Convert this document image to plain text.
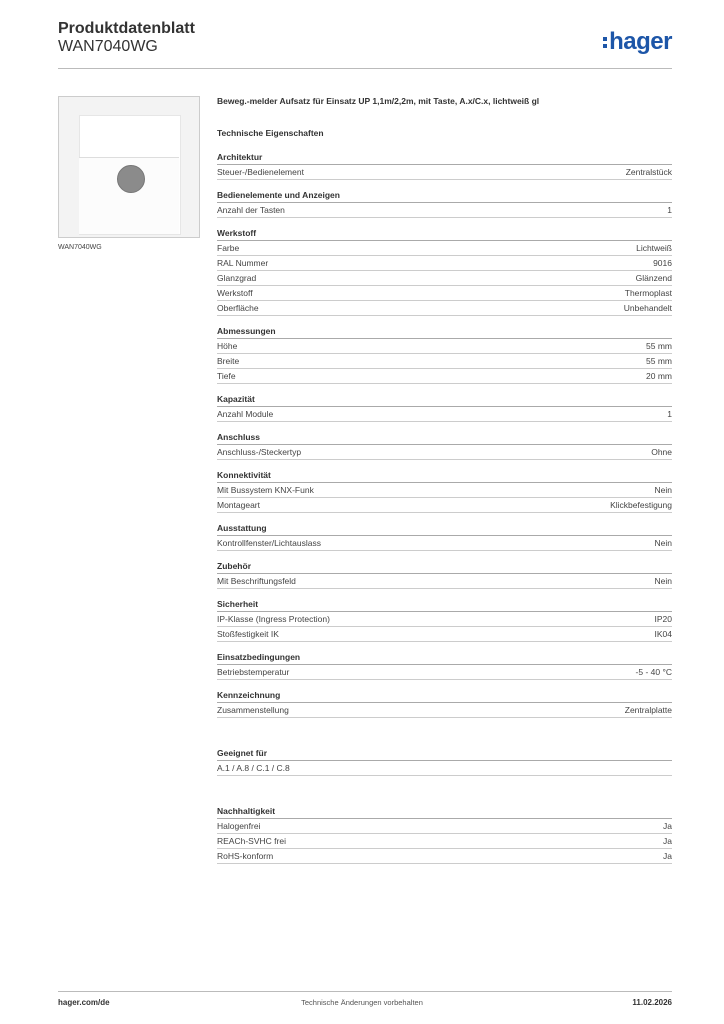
Produktdatenblatt
WAN7040WG	hager
WAN7040WG
Beweg.-melder Aufsatz für Einsatz UP 1,1m/2,2m, mit Taste, A.x/C.x, lichtweiß gl
Technische Eigenschaften
Architektur
Steuer-/Bedienelement	Zentralstück
Bedienelemente und Anzeigen
Anzahl der Tasten	1
Werkstoff
Farbe	Lichtweiß
RAL Nummer	9016
Glanzgrad	Glänzend
Werkstoff	Thermoplast
Oberfläche	Unbehandelt
Abmessungen
Höhe	55 mm
Breite	55 mm
Tiefe	20 mm
Kapazität
Anzahl Module	1
Anschluss
Anschluss-/Steckertyp	Ohne
Konnektivität
Mit Bussystem KNX-Funk	Nein
Montageart	Klickbefestigung
Ausstattung
Kontrollfenster/Lichtauslass	Nein
Zubehör
Mit Beschriftungsfeld	Nein
Sicherheit
IP-Klasse (Ingress Protection)	IP20
Stoßfestigkeit IK	IK04
Einsatzbedingungen
Betriebstemperatur	-5 - 40 °C
Kennzeichnung
Zusammenstellung	Zentralplatte
Geeignet für
A.1 / A.8 / C.1 / C.8
Nachhaltigkeit
Halogenfrei	Ja
REACh-SVHC frei	Ja
RoHS-konform	Ja
hager.com/de	Technische Änderungen vorbehalten	11.02.2026
